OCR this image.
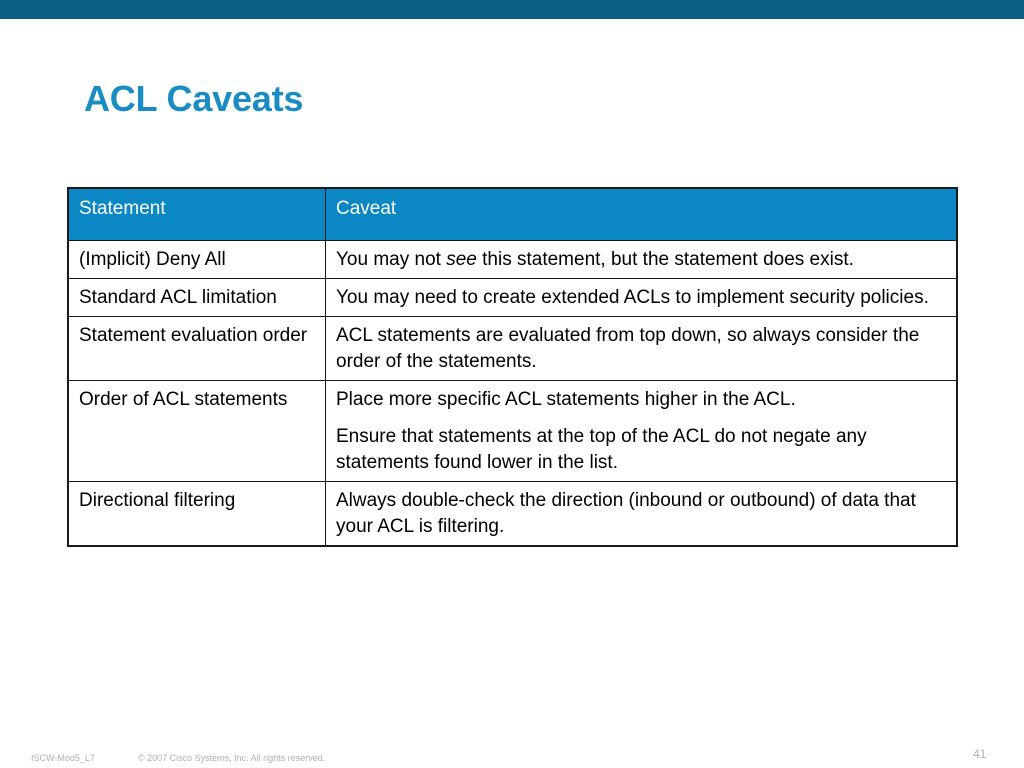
ACL Caveats
Statement	Caveat
(Implicit) Deny All	You may not see this statement, but the statement does exist.
Standard ACL limitation	You may need to create extended ACLs to implement security policies.
Statement evaluation order	ACL statements are evaluated from top down, so always consider the order of the statements.
Order of ACL statements	Place more specific ACL statements higher in the ACL.
Ensure that statements at the top of the ACL do not negate any statements found lower in the list.

Directional filtering	Always double-check the direction (inbound or outbound) of data that your ACL is filtering.
ISCW-Mod5_L7	© 2007 Cisco Systems, Inc. All rights reserved.	41
